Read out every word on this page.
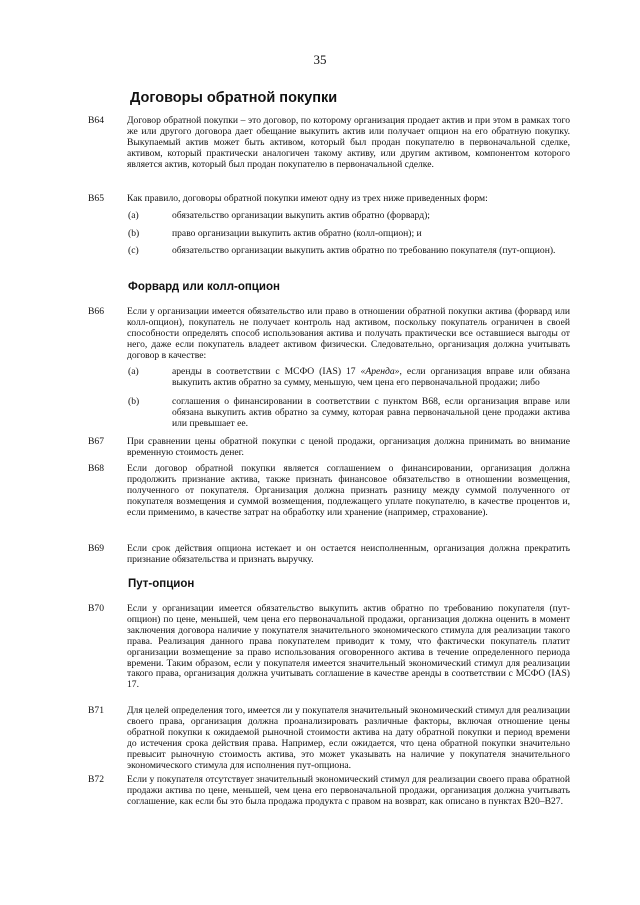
35
Договоры обратной покупки
B64 Договор обратной покупки – это договор, по которому организация продает актив и при этом в рамках того же или другого договора дает обещание выкупить актив или получает опцион на его обратную покупку. Выкупаемый актив может быть активом, который был продан покупателю в первоначальной сделке, активом, который практически аналогичен такому активу, или другим активом, компонентом которого является актив, который был продан покупателю в первоначальной сделке.
B65 Как правило, договоры обратной покупки имеют одну из трех ниже приведенных форм:
(a)	обязательство организации выкупить актив обратно (форвард);
(b)	право организации выкупить актив обратно (колл-опцион); и
(c)	обязательство организации выкупить актив обратно по требованию покупателя (пут-опцион).
Форвард или колл-опцион
B66 Если у организации имеется обязательство или право в отношении обратной покупки актива (форвард или колл-опцион), покупатель не получает контроль над активом, поскольку покупатель ограничен в своей способности определять способ использования актива и получать практически все оставшиеся выгоды от него, даже если покупатель владеет активом физически. Следовательно, организация должна учитывать договор в качестве:
(a)	аренды в соответствии с МСФО (IAS) 17 «Аренда», если организация вправе или обязана выкупить актив обратно за сумму, меньшую, чем цена его первоначальной продажи; либо
(b)	соглашения о финансировании в соответствии с пунктом B68, если организация вправе или обязана выкупить актив обратно за сумму, которая равна первоначальной цене продажи актива или превышает ее.
B67 При сравнении цены обратной покупки с ценой продажи, организация должна принимать во внимание временную стоимость денег.
B68 Если договор обратной покупки является соглашением о финансировании, организация должна продолжить признание актива, также признать финансовое обязательство в отношении возмещения, полученного от покупателя. Организация должна признать разницу между суммой полученного от покупателя возмещения и суммой возмещения, подлежащего уплате покупателю, в качестве процентов и, если применимо, в качестве затрат на обработку или хранение (например, страхование).
B69 Если срок действия опциона истекает и он остается неисполненным, организация должна прекратить признание обязательства и признать выручку.
Пут-опцион
B70 Если у организации имеется обязательство выкупить актив обратно по требованию покупателя (пут-опцион) по цене, меньшей, чем цена его первоначальной продажи, организация должна оценить в момент заключения договора наличие у покупателя значительного экономического стимула для реализации такого права. Реализация данного права покупателем приводит к тому, что фактически покупатель платит организации возмещение за право использования оговоренного актива в течение определенного периода времени. Таким образом, если у покупателя имеется значительный экономический стимул для реализации такого права, организация должна учитывать соглашение в качестве аренды в соответствии с МСФО (IAS) 17.
B71 Для целей определения того, имеется ли у покупателя значительный экономический стимул для реализации своего права, организация должна проанализировать различные факторы, включая отношение цены обратной покупки к ожидаемой рыночной стоимости актива на дату обратной покупки и период времени до истечения срока действия права. Например, если ожидается, что цена обратной покупки значительно превысит рыночную стоимость актива, это может указывать на наличие у покупателя значительного экономического стимула для исполнения пут-опциона.
B72 Если у покупателя отсутствует значительный экономический стимул для реализации своего права обратной продажи актива по цене, меньшей, чем цена его первоначальной продажи, организация должна учитывать соглашение, как если бы это была продажа продукта с правом на возврат, как описано в пунктах B20–B27.
